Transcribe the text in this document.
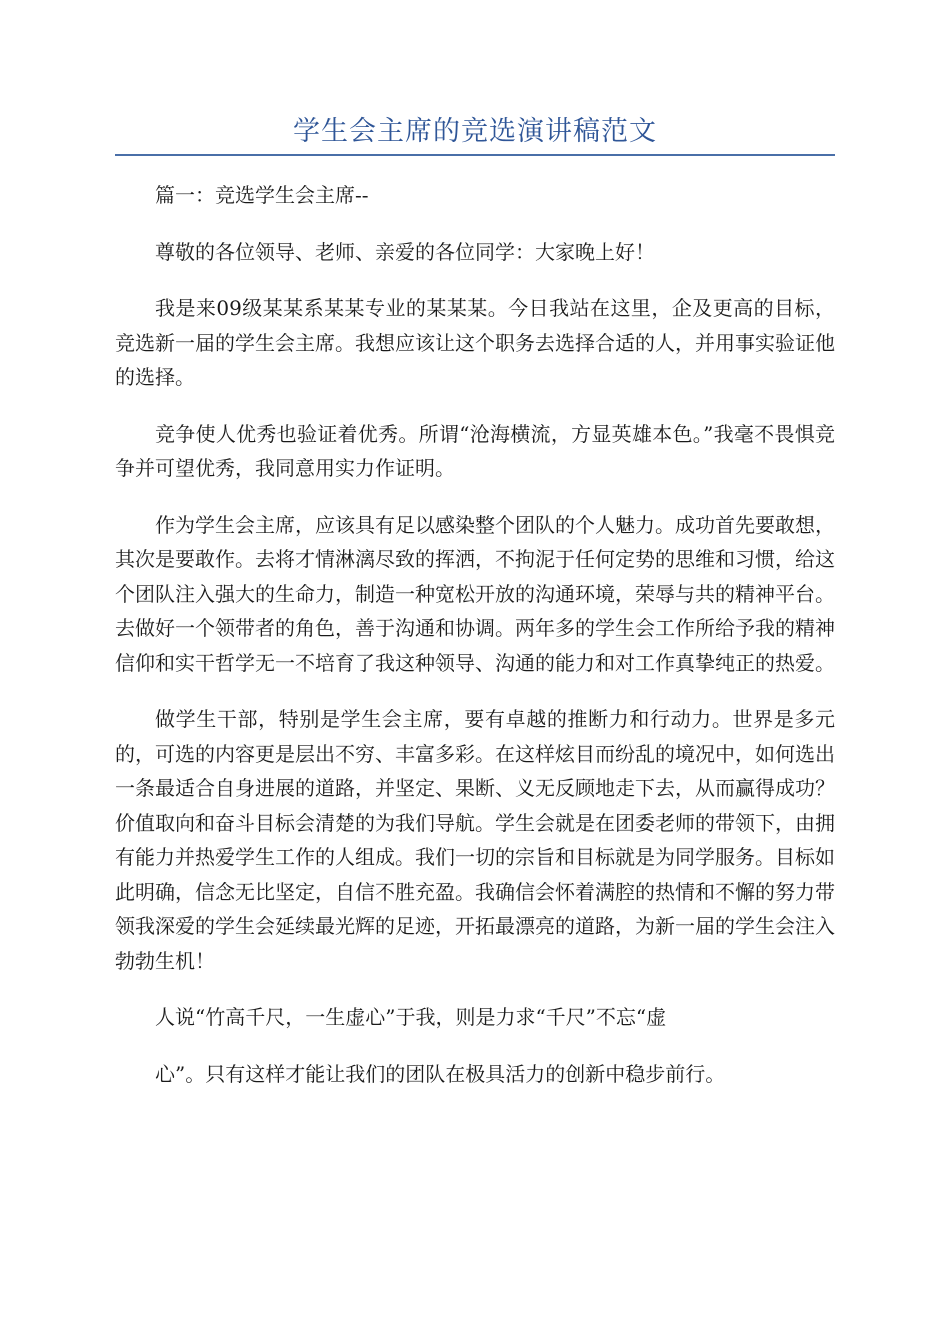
学生会主席的竞选演讲稿范文

篇一：竞选学生会主席--

尊敬的各位领导、老师、亲爱的各位同学：大家晚上好！

我是来09级某某系某某专业的某某某。今日我站在这里，企及更高的目标，竞选新一届的学生会主席。我想应该让这个职务去选择合适的人，并用事实验证他的选择。

竞争使人优秀也验证着优秀。所谓“沧海横流，方显英雄本色。”我毫不畏惧竞争并可望优秀，我同意用实力作证明。

作为学生会主席，应该具有足以感染整个团队的个人魅力。成功首先要敢想，其次是要敢作。去将才情淋漓尽致的挥洒，不拘泥于任何定势的思维和习惯，给这个团队注入强大的生命力，制造一种宽松开放的沟通环境，荣辱与共的精神平台。去做好一个领带者的角色，善于沟通和协调。两年多的学生会工作所给予我的精神信仰和实干哲学无一不培育了我这种领导、沟通的能力和对工作真挚纯正的热爱。

做学生干部，特别是学生会主席，要有卓越的推断力和行动力。世界是多元的，可选的内容更是层出不穷、丰富多彩。在这样炫目而纷乱的境况中，如何选出一条最适合自身进展的道路，并坚定、果断、义无反顾地走下去，从而赢得成功？价值取向和奋斗目标会清楚的为我们导航。学生会就是在团委老师的带领下，由拥有能力并热爱学生工作的人组成。我们一切的宗旨和目标就是为同学服务。目标如此明确，信念无比坚定，自信不胜充盈。我确信会怀着满腔的热情和不懈的努力带领我深爱的学生会延续最光辉的足迹，开拓最漂亮的道路，为新一届的学生会注入勃勃生机！

人说“竹高千尺，一生虚心”于我，则是力求“千尺”不忘“虚

心”。只有这样才能让我们的团队在极具活力的创新中稳步前行。
